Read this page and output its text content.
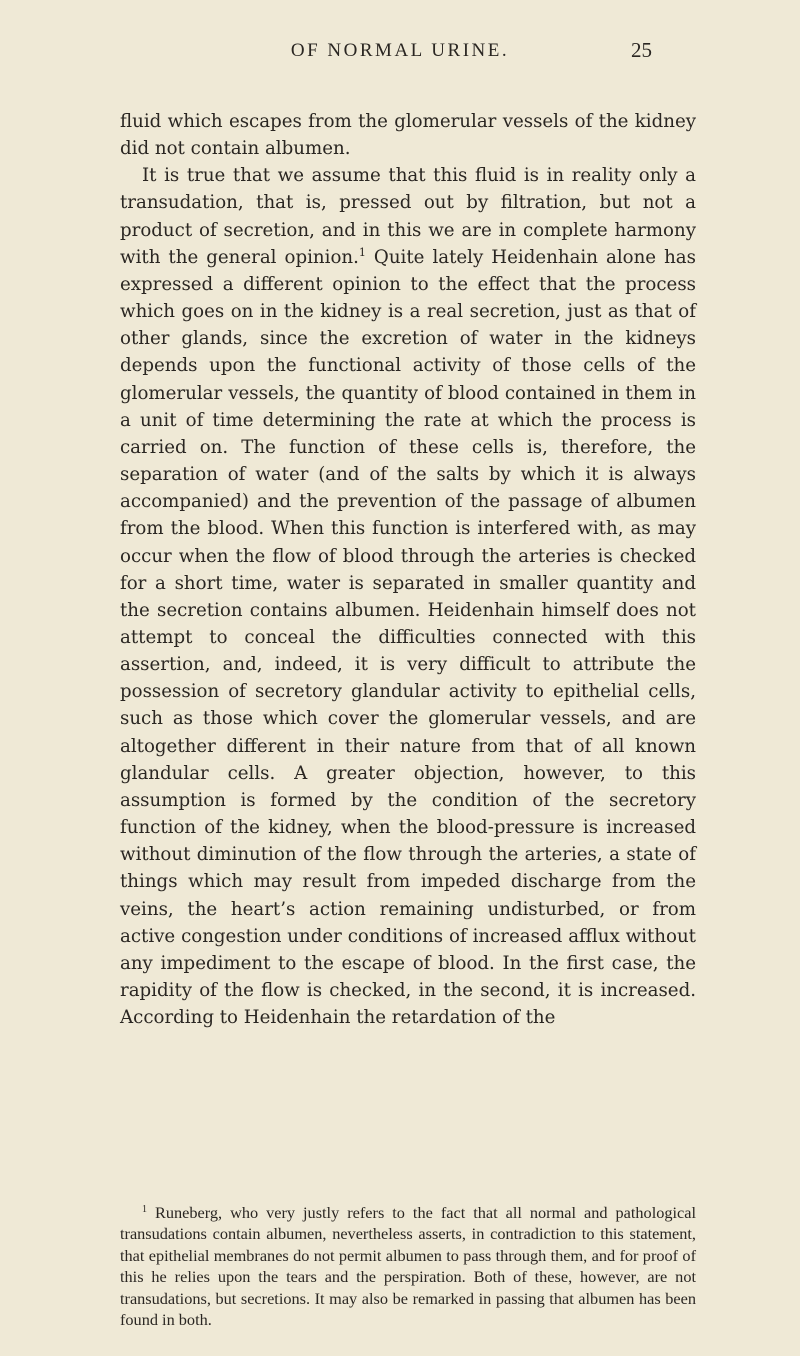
OF NORMAL URINE.	25

fluid which escapes from the glomerular vessels of the kidney did not contain albumen.

It is true that we assume that this fluid is in reality only a transudation, that is, pressed out by filtration, but not a product of secretion, and in this we are in complete harmony with the general opinion.$^1$ Quite lately Heidenhain alone has expressed a different opinion to the effect that the process which goes on in the kidney is a real secretion, just as that of other glands, since the excretion of water in the kidneys depends upon the functional activity of those cells of the glomerular vessels, the quantity of blood contained in them in a unit of time determining the rate at which the process is carried on. The function of these cells is, therefore, the separation of water (and of the salts by which it is always accompanied) and the prevention of the passage of albumen from the blood. When this function is interfered with, as may occur when the flow of blood through the arteries is checked for a short time, water is separated in smaller quantity and the secretion contains albumen. Heidenhain himself does not attempt to conceal the difficulties connected with this assertion, and, indeed, it is very difficult to attribute the possession of secretory glandular activity to epithelial cells, such as those which cover the glomerular vessels, and are altogether different in their nature from that of all known glandular cells. A greater objection, however, to this assumption is formed by the condition of the secretory function of the kidney, when the blood-pressure is increased without diminution of the flow through the arteries, a state of things which may result from impeded discharge from the veins, the heart’s action remaining undisturbed, or from active congestion under conditions of increased afflux without any impediment to the escape of blood. In the first case, the rapidity of the flow is checked, in the second, it is increased. According to Heidenhain the retardation of the

$^1$ Runeberg, who very justly refers to the fact that all normal and pathological transudations contain albumen, nevertheless asserts, in contradiction to this statement, that epithelial membranes do not permit albumen to pass through them, and for proof of this he relies upon the tears and the perspiration. Both of these, however, are not transudations, but secretions. It may also be remarked in passing that albumen has been found in both.
